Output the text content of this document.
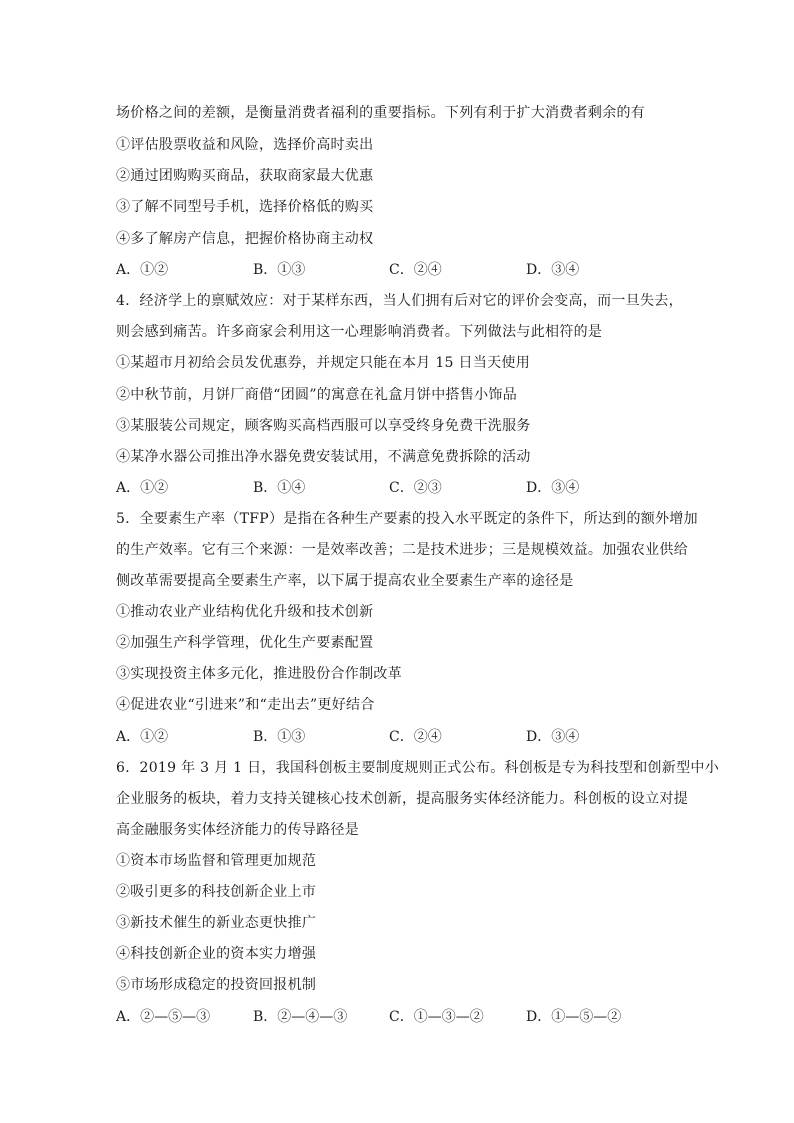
场价格之间的差额，是衡量消费者福利的重要指标。下列有利于扩大消费者剩余的有
①评估股票收益和风险，选择价高时卖出
②通过团购购买商品，获取商家最大优惠
③了解不同型号手机，选择价格低的购买
④多了解房产信息，把握价格协商主动权
A．①②	B．①③	C．②④	D．③④
4．经济学上的禀赋效应：对于某样东西，当人们拥有后对它的评价会变高，而一旦失去，
则会感到痛苦。许多商家会利用这一心理影响消费者。下列做法与此相符的是
①某超市月初给会员发优惠券，并规定只能在本月 15 日当天使用
②中秋节前，月饼厂商借“团圆”的寓意在礼盒月饼中搭售小饰品
③某服装公司规定，顾客购买高档西服可以享受终身免费干洗服务
④某净水器公司推出净水器免费安装试用，不满意免费拆除的活动
A．①②	B．①④	C．②③	D．③④
5．全要素生产率（TFP）是指在各种生产要素的投入水平既定的条件下，所达到的额外增加
的生产效率。它有三个来源：一是效率改善；二是技术进步；三是规模效益。加强农业供给
侧改革需要提高全要素生产率，以下属于提高农业全要素生产率的途径是
①推动农业产业结构优化升级和技术创新
②加强生产科学管理，优化生产要素配置
③实现投资主体多元化，推进股份合作制改革
④促进农业“引进来”和“走出去”更好结合
A．①②	B．①③	C．②④	D．③④
6．2019 年 3 月 1 日，我国科创板主要制度规则正式公布。科创板是专为科技型和创新型中小
企业服务的板块，着力支持关键核心技术创新，提高服务实体经济能力。科创板的设立对提
高金融服务实体经济能力的传导路径是
①资本市场监督和管理更加规范
②吸引更多的科技创新企业上市
③新技术催生的新业态更快推广
④科技创新企业的资本实力增强
⑤市场形成稳定的投资回报机制
A．②—⑤—③	B．②—④—③	C．①—③—②	D．①—⑤—②
